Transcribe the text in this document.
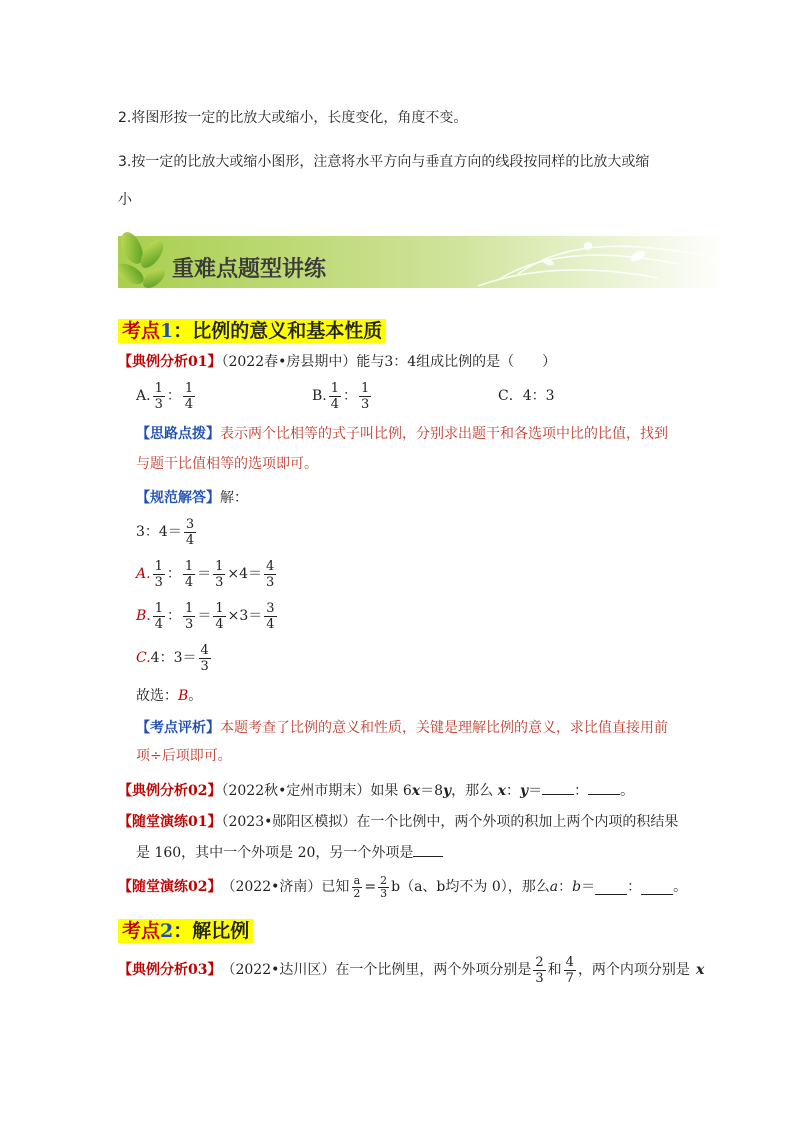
2.将图形按一定的比放大或缩小，长度变化，角度不变。
3.按一定的比放大或缩小图形，注意将水平方向与垂直方向的线段按同样的比放大或缩
小
重难点题型讲练
考点1：比例的意义和基本性质
【典例分析01】（2022春•房县期中）能与3：4组成比例的是（　　）
A. $\frac{1}{3}$ ： $\frac{1}{4}$	B. $\frac{1}{4}$ ： $\frac{1}{3}$	C．4：3
【思路点拨】表示两个比相等的式子叫比例，分别求出题干和各选项中比的比值，找到
与题干比值相等的选项即可。
【规范解答】解：
3：$4= \frac{3}{4}$
A. $\frac{1}{3}$ ： $\frac{1}{4} = \frac{1}{3} \times 4= \frac{4}{3}$
B. $\frac{1}{4}$ ： $\frac{1}{3} = \frac{1}{4} \times 3= \frac{3}{4}$
C. 4：$3= \frac{4}{3}$
故选：B。
【考点评析】本题考查了比例的意义和性质，关键是理解比例的意义，求比值直接用前
项÷后项即可。
【典例分析02】（2022秋•定州市期末）如果 6x＝8y，那么 x：y＝ ： 。
【随堂演练01】（2023•郧阳区模拟）在一个比例中，两个外项的积加上两个内项的积结果
是 160，其中一个外项是 20，另一个外项是
【随堂演练02】 （2022•济南）已知 $\frac{a}{2} = \frac{2}{3}$ b （a、b均不为 0），那么 a ： b ＝ ： 。
考点2：解比例
【典例分析03】 （2022•达川区）在一个比例里，两个外项分别是 $\frac{2}{3}$ 和 $\frac{4}{7}$ ，两个内项分别是 x
